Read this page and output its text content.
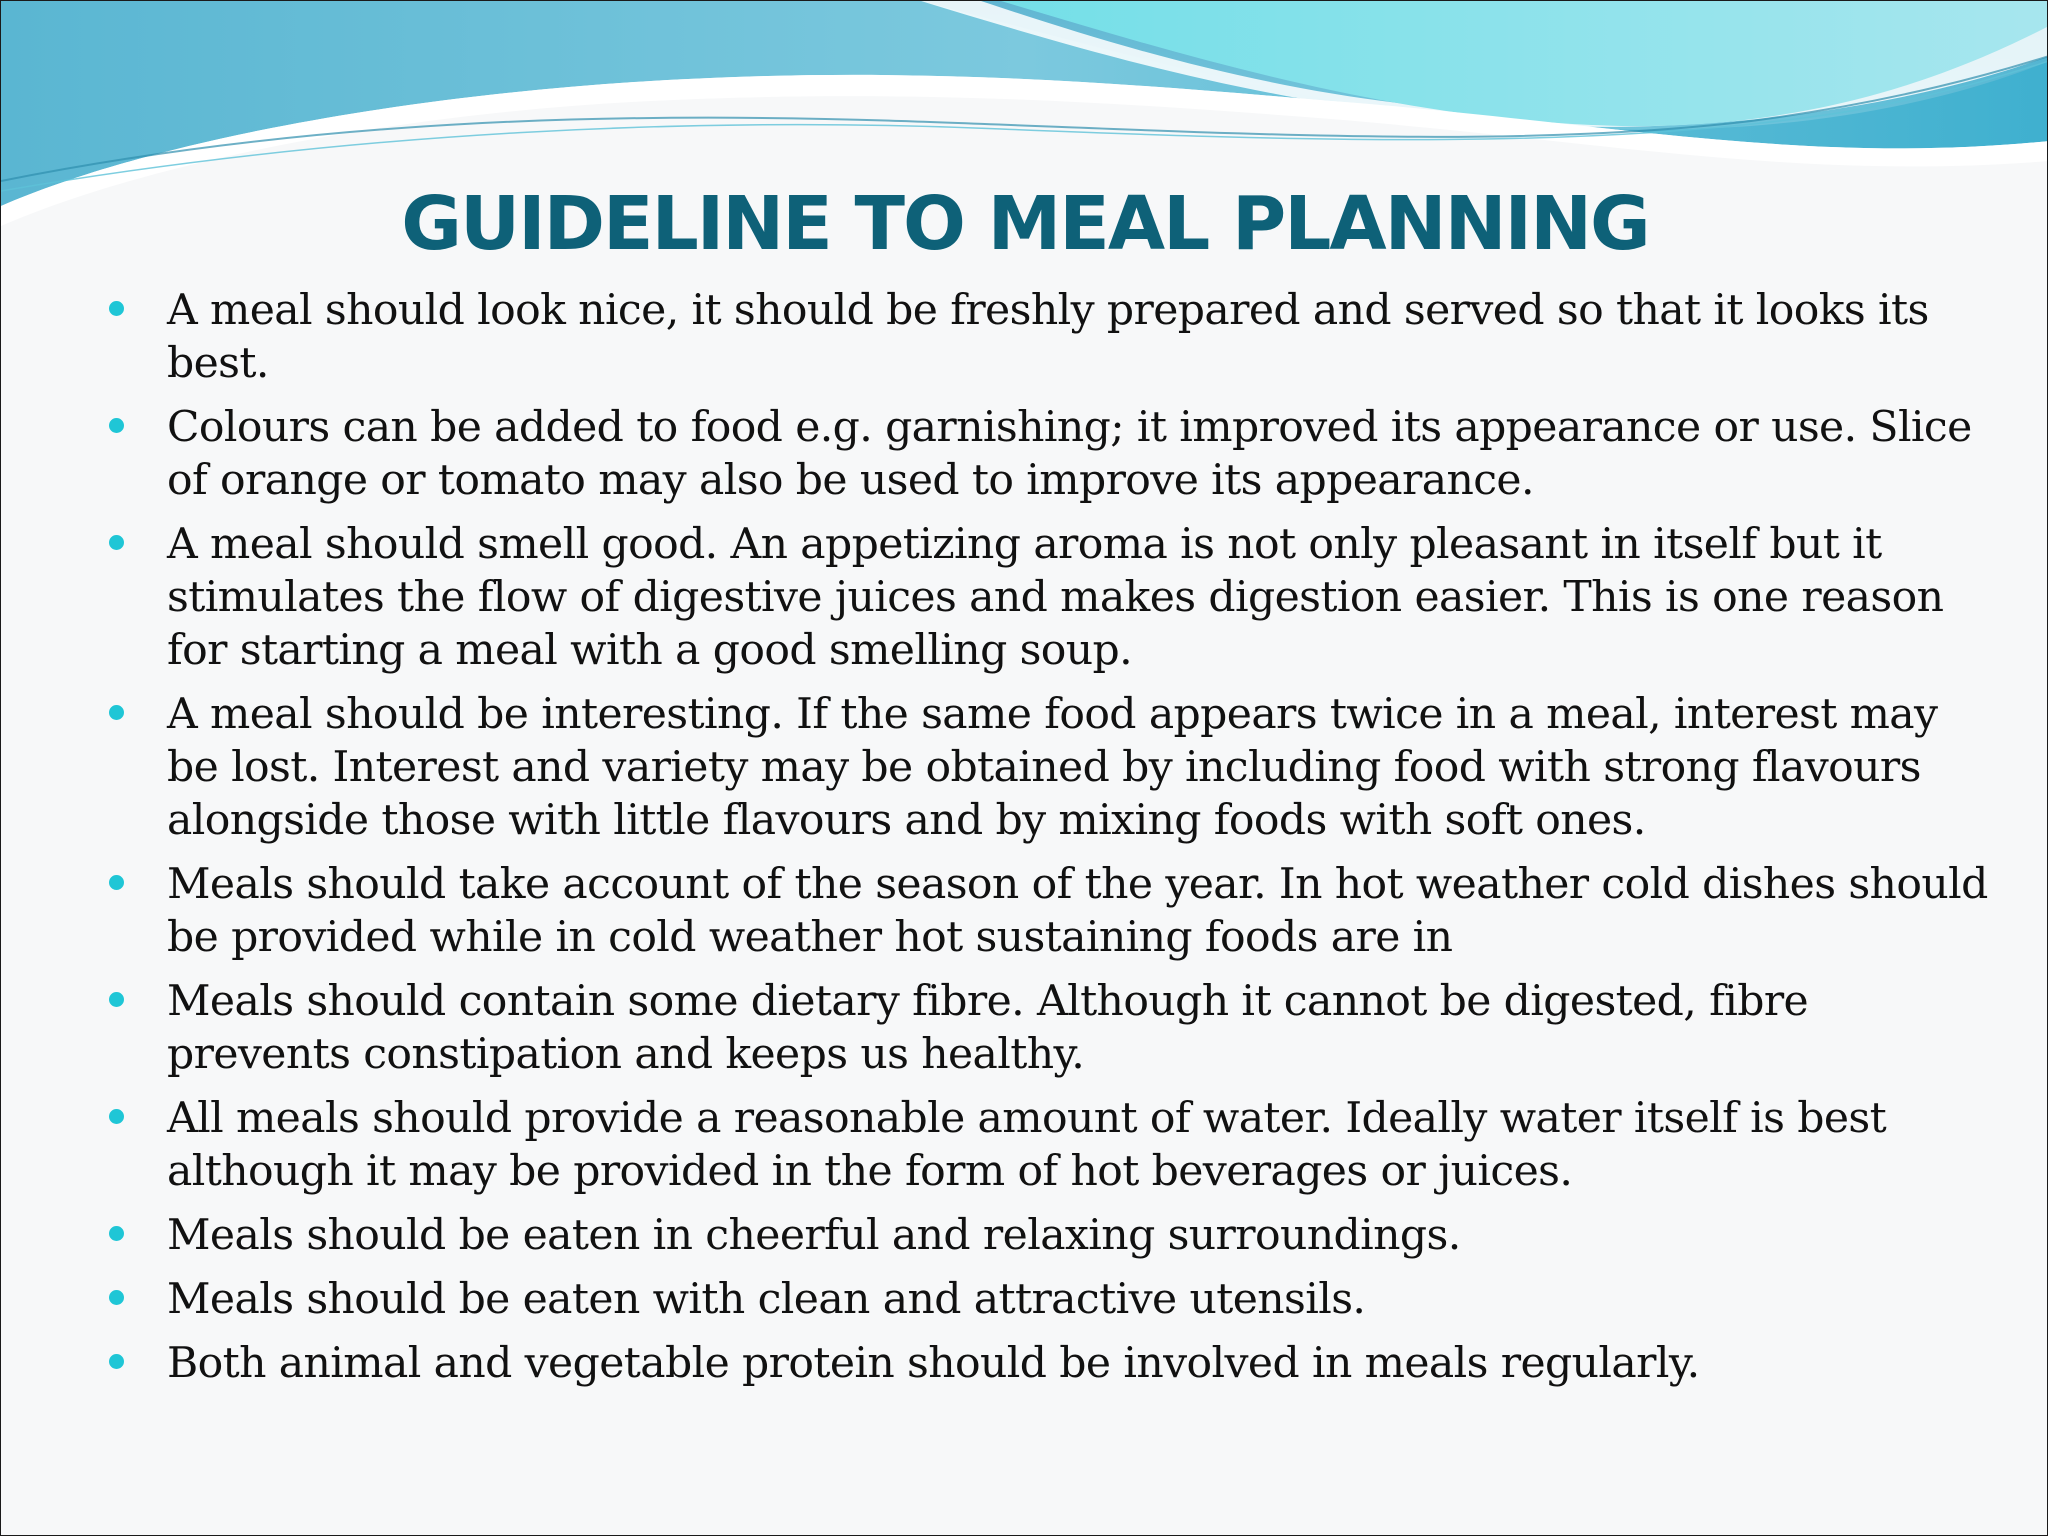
GUIDELINE TO MEAL PLANNING
A meal should look nice, it should be freshly prepared and served so that it looks its best.
Colours can be added to food e.g. garnishing; it improved its appearance or use. Slice of orange or tomato may also be used to improve its appearance.
A meal should smell good. An appetizing aroma is not only pleasant in itself but it stimulates the flow of digestive juices and makes digestion easier. This is one reason for starting a meal with a good smelling soup.
A meal should be interesting. If the same food appears twice in a meal, interest may be lost. Interest and variety may be obtained by including food with strong flavours alongside those with little flavours and by mixing foods with soft ones.
Meals should take account of the season of the year. In hot weather cold dishes should be provided while in cold weather hot sustaining foods are in
Meals should contain some dietary fibre. Although it cannot be digested, fibre prevents constipation and keeps us healthy.
All meals should provide a reasonable amount of water. Ideally water itself is best although it may be provided in the form of hot beverages or juices.
Meals should be eaten in cheerful and relaxing surroundings.
Meals should be eaten with clean and attractive utensils.
Both animal and vegetable protein should be involved in meals regularly.
